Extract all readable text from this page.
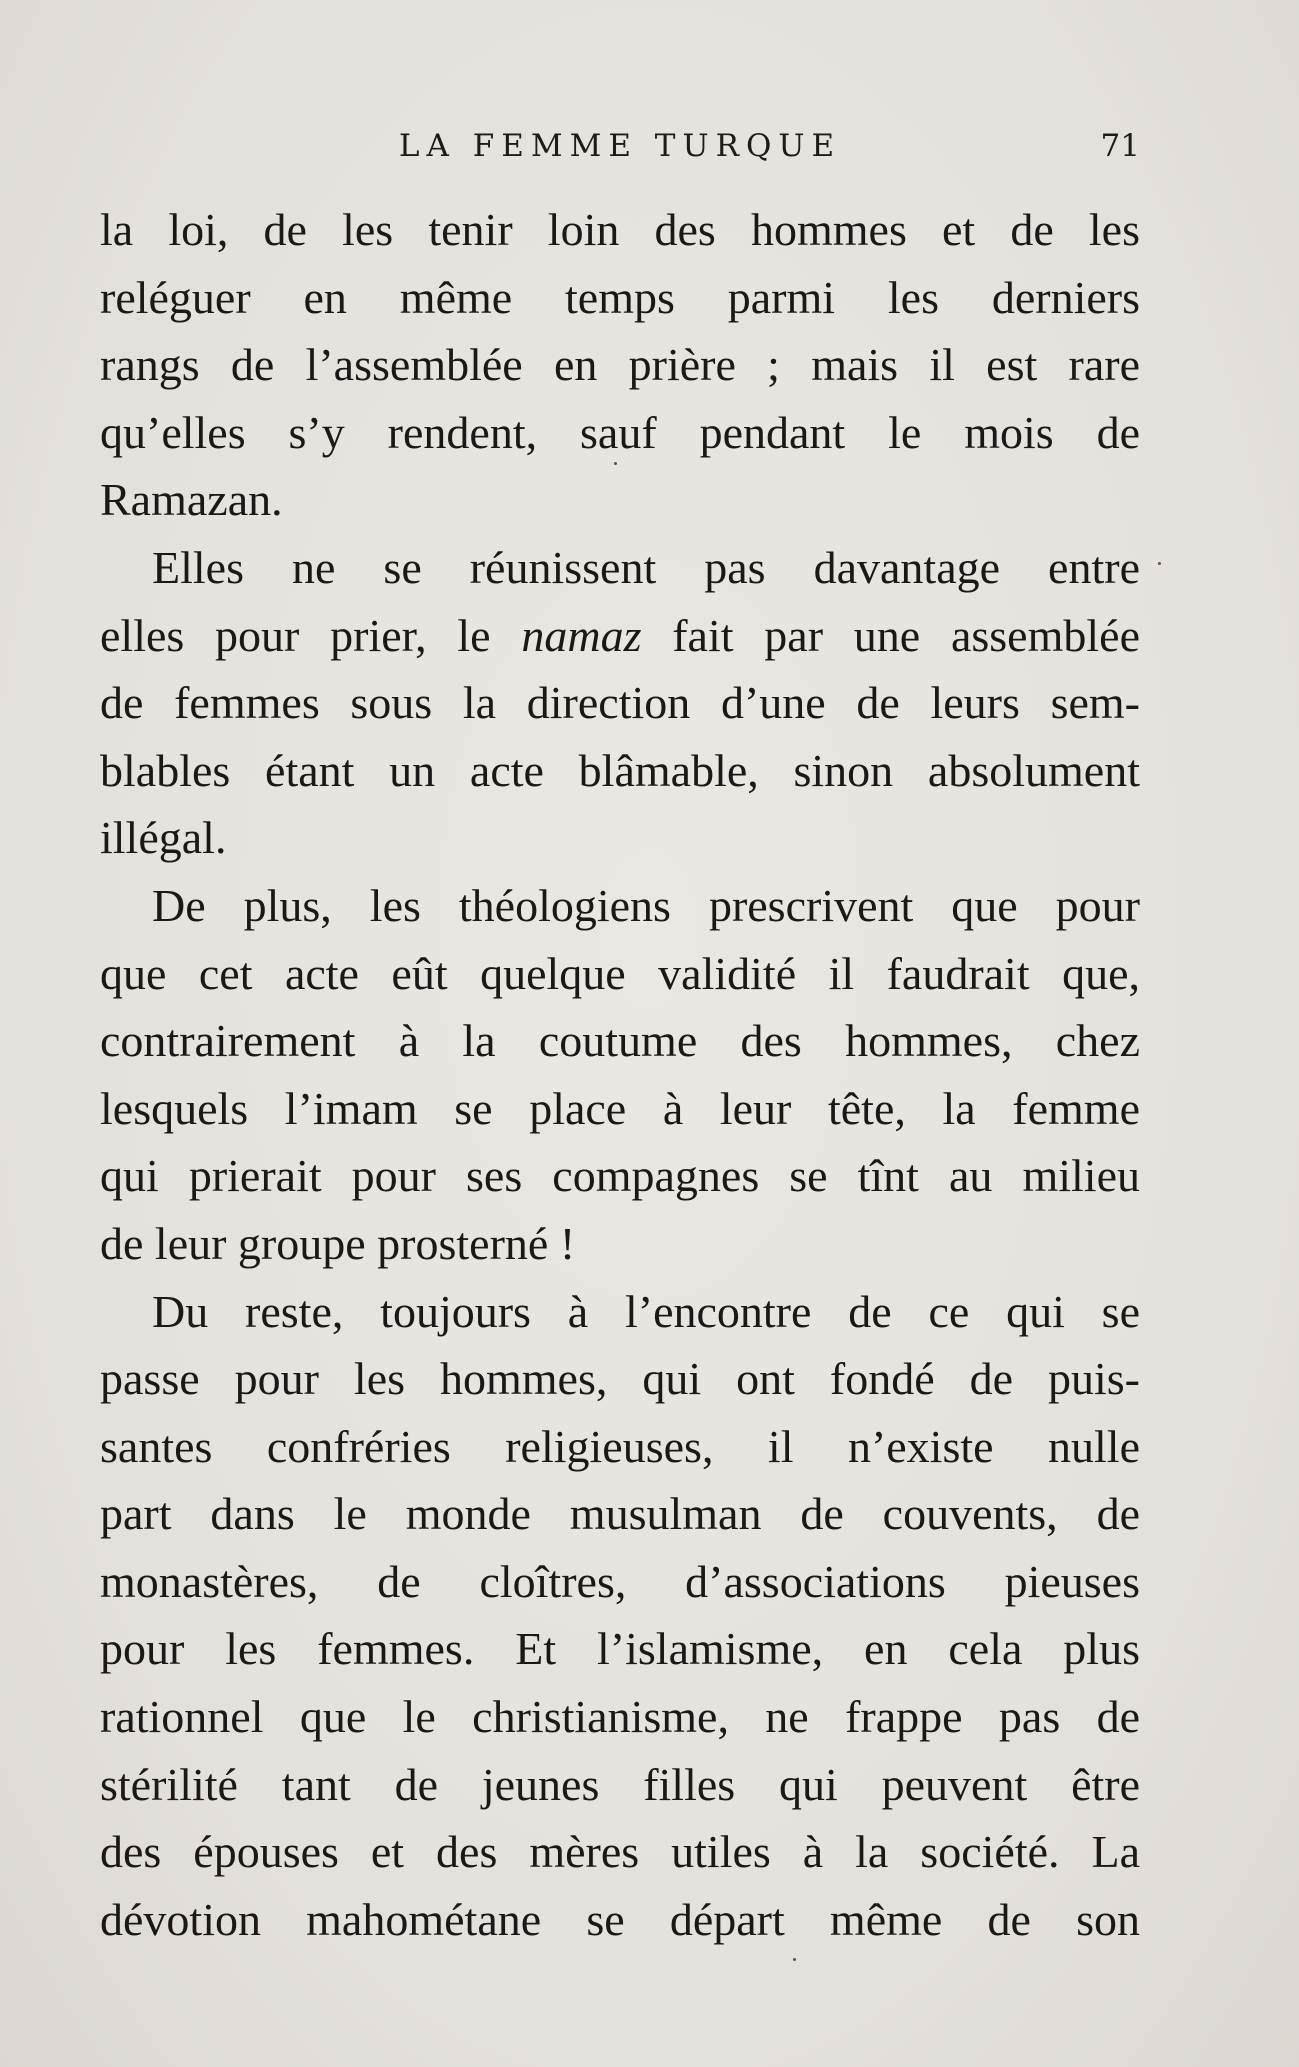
LA FEMME TURQUE	71
la loi, de les tenir loin des hommes et de les
reléguer en même temps parmi les derniers
rangs de l’assemblée en prière ; mais il est rare
qu’elles s’y rendent, sauf pendant le mois de
Ramazan.
Elles ne se réunissent pas davantage entre
elles pour prier, le namaz fait par une assemblée
de femmes sous la direction d’une de leurs sem-
blables étant un acte blâmable, sinon absolument
illégal.
De plus, les théologiens prescrivent que pour
que cet acte eût quelque validité il faudrait que,
contrairement à la coutume des hommes, chez
lesquels l’imam se place à leur tête, la femme
qui prierait pour ses compagnes se tînt au milieu
de leur groupe prosterné !
Du reste, toujours à l’encontre de ce qui se
passe pour les hommes, qui ont fondé de puis-
santes confréries religieuses, il n’existe nulle
part dans le monde musulman de couvents, de
monastères, de cloîtres, d’associations pieuses
pour les femmes. Et l’islamisme, en cela plus
rationnel que le christianisme, ne frappe pas de
stérilité tant de jeunes filles qui peuvent être
des épouses et des mères utiles à la société. La
dévotion mahométane se départ même de son
